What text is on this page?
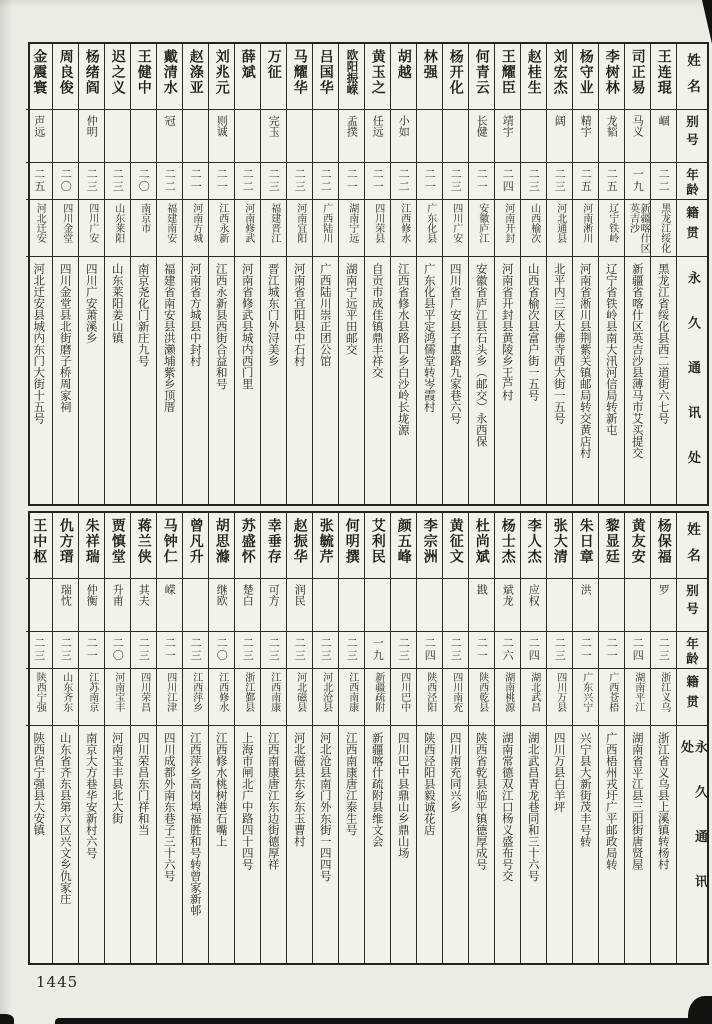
姓名
别号
年龄
籍贯
永久通讯处
王连琨
崓
二二
黑龙江绥化
黑龙江省绥化县西二道街六七号
司正易
马义
一九
新疆喀什区英吉沙
新疆省喀什区英吉沙县薄马市艾买提交
李树林
龙韬
二五
辽宁铁岭
辽宁省铁岭县南大汛河信局转新屯
杨守业
精宇
二五
河南淅川
河南省淅川县荆紫关镇邮局转交黄店村
刘宏杰
阔
二三
河北通县
北平内三区大佛寺西大街一五号
赵桂生
二三
山西榆次
山西省榆次县富户街一五号
王耀臣
靖宇
二四
河南开封
河南省开封县黄陵乡王芦村
何青云
长健
二一
安徽庐江
安徽省庐江县石头乡（邮交）永西保
杨开化
二三
四川广安
四川省广安县子惠路九家巷六号
林强
二一
广东化县
广东化县平定鸿儒堂转岑霞村
胡越
小如
二二
江西修水
江西省修水县路口乡白沙岭长垅源
黄玉之
任远
二一
四川荣县
自贡市成佳镇鼎丰祥交
欧阳振嵘
孟撲
二一
湖南宁远
湖南宁远平田邮交
吕国华
二二
广西陆川
广西陆川崇正团公馆
马耀华
二三
河南宜阳
河南省宜阳县中石村
万征
完玉
二三
福建晋江
晋江城东门外浔美乡
薛斌
二二
河南修武
河南省修武县城内西门里
刘兆元
则诚
二一
江西永新
江西永新县西街合益和号
赵涤亚
二一
河南方城
河南省方城县中封村
戴清水
冠
二二
福建南安
福建省南安县洪濑埔紫乡顶厝
王健中
二〇
南京市
南京尧化门新庄九号
迟之义
二三
山东莱阳
山东莱阳姜山镇
杨绪阎
仲明
二三
四川广安
四川广安萧溪乡
周良俊
二〇
四川金堂
四川金堂县北街磨子桥周家祠
金震寰
声远
二五
河北迁安
河北迁安县城内东门大街十五号
姓名
别号
年龄
籍贯
永久通讯处
杨保福
罗
二三
浙江义乌
浙江省义乌县上溪镇转杨村
黄友安
二四
湖南平江
湖南省平江县三阳街唐贤屋
黎显廷
二一
广西苍梧
广西梧州戎圩广平邮政局转
朱日章
洪
二一
广东兴宁
兴宁县大新街茂丰号转
张大清
二三
四川万县
四川万县白羊坪
李人杰
应权
二四
湖北武昌
湖北武昌青龙巷同和三十六号
杨士杰
斌龙
二六
湖南桃源
湖南常德双江口杨义盛布号交
杜尚斌
戡
二一
陕西乾县
陕西省乾县临平镇德厚成号
黄征文
二三
四川南充
四川南充同兴乡
李宗洲
二四
陕西泾阳
陕西泾阳县毅诚花店
颜五峰
二三
四川巴中
四川巴中县鼎山乡鼎山场
艾利民
一九
新疆疏附
新疆喀什疏附县维文会
何明撰
二三
江西南康
江西南康唐江泰生号
张毓芹
二三
河北沧县
河北沧县南门外东街一四四号
赵振华
润民
二三
河北磁县
河北磁县东乡东玉曹村
幸垂存
可方
二三
江西南康
江西南康唐江东边街德厚祥
苏盛怀
楚白
二三
浙江鄞县
上海市闸北广中路四十四号
胡思滌
继欧
二〇
江西修水
江西修水桃树港石嘴上
曾凡升
二三
江西萍乡
江西萍乡高岗埠福胜和号转曾家新邨
马钟仁
嵘
二一
四川江津
四川成都外南东巷子三十六号
蒋兰侠
其夫
二三
四川荣昌
四川荣昌东门祥和当
贾慎堂
升甫
二〇
河南宝丰
河南宝丰县北大街
朱祥瑞
仲衡
二一
江苏南京
南京大方巷华安新村六号
仇方瑨
瑞忱
二三
山东齐东
山东省齐东县第六区兴文乡仇家庄
王中枢
二三
陕西宁强
陕西省宁强县大安镇
1445
